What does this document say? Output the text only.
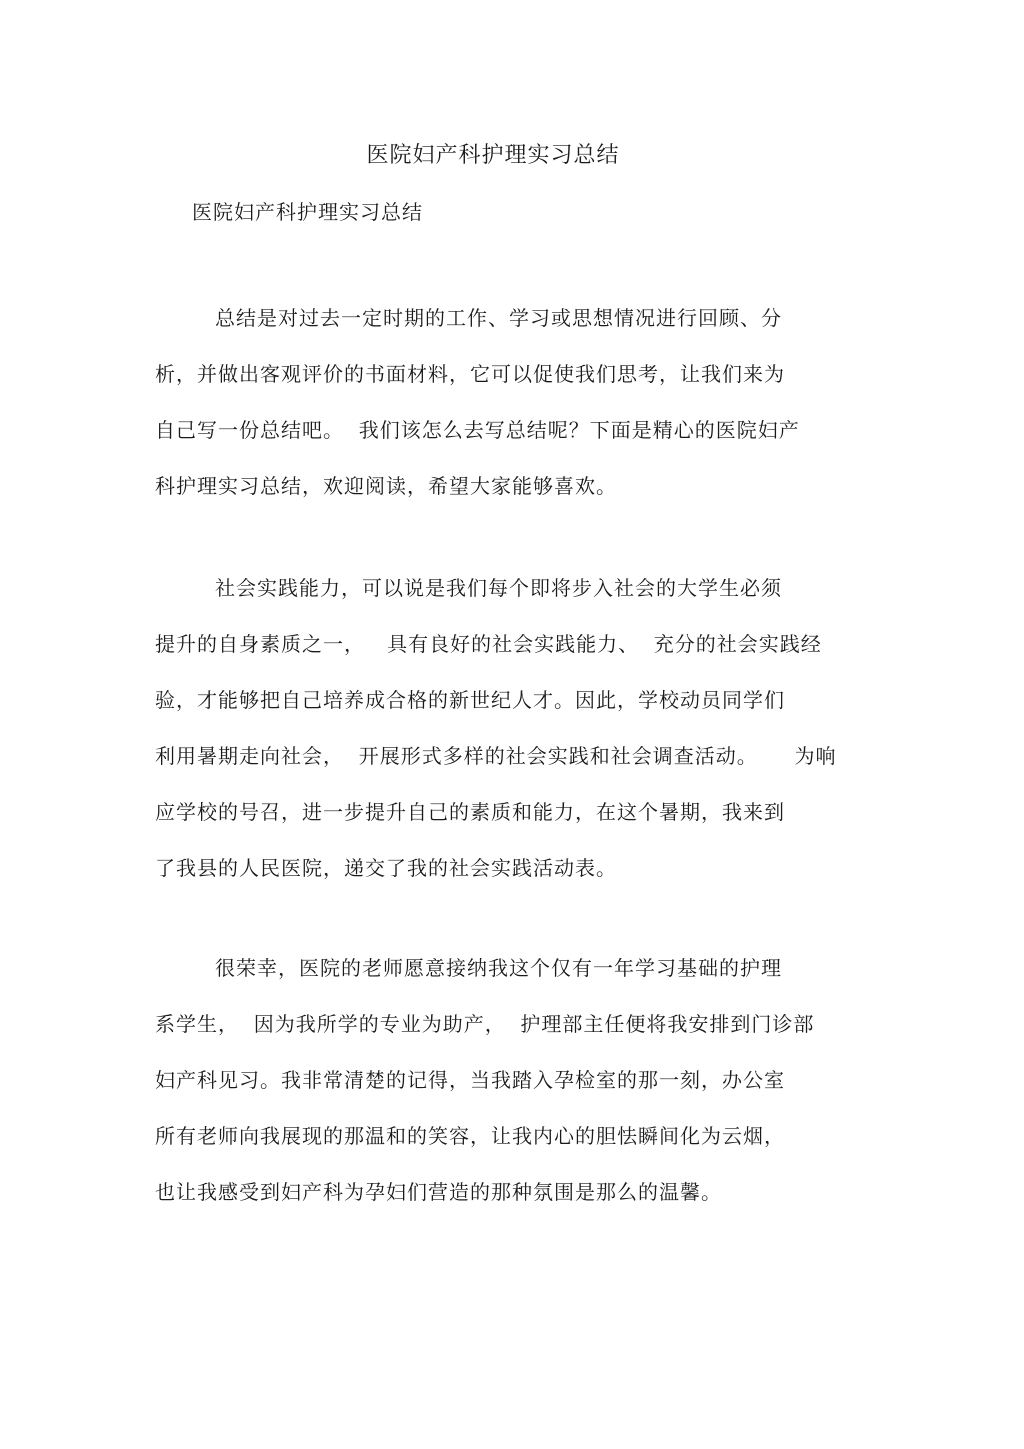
医院妇产科护理实习总结
医院妇产科护理实习总结
总结是对过去一定时期的工作、学习或思想情况进行回顾、分
析，并做出客观评价的书面材料，它可以促使我们思考，让我们来为
自己写一份总结吧。  我们该怎么去写总结呢？下面是精心的医院妇产
科护理实习总结，欢迎阅读，希望大家能够喜欢。
社会实践能力，可以说是我们每个即将步入社会的大学生必须
提升的自身素质之一，   具有良好的社会实践能力、  充分的社会实践经
验，才能够把自己培养成合格的新世纪人才。因此，学校动员同学们
利用暑期走向社会，  开展形式多样的社会实践和社会调查活动。     为响
应学校的号召，进一步提升自己的素质和能力，在这个暑期，我来到
了我县的人民医院，递交了我的社会实践活动表。
很荣幸，医院的老师愿意接纳我这个仅有一年学习基础的护理
系学生，  因为我所学的专业为助产，  护理部主任便将我安排到门诊部
妇产科见习。我非常清楚的记得，当我踏入孕检室的那一刻，办公室
所有老师向我展现的那温和的笑容，让我内心的胆怯瞬间化为云烟，
也让我感受到妇产科为孕妇们营造的那种氛围是那么的温馨。
